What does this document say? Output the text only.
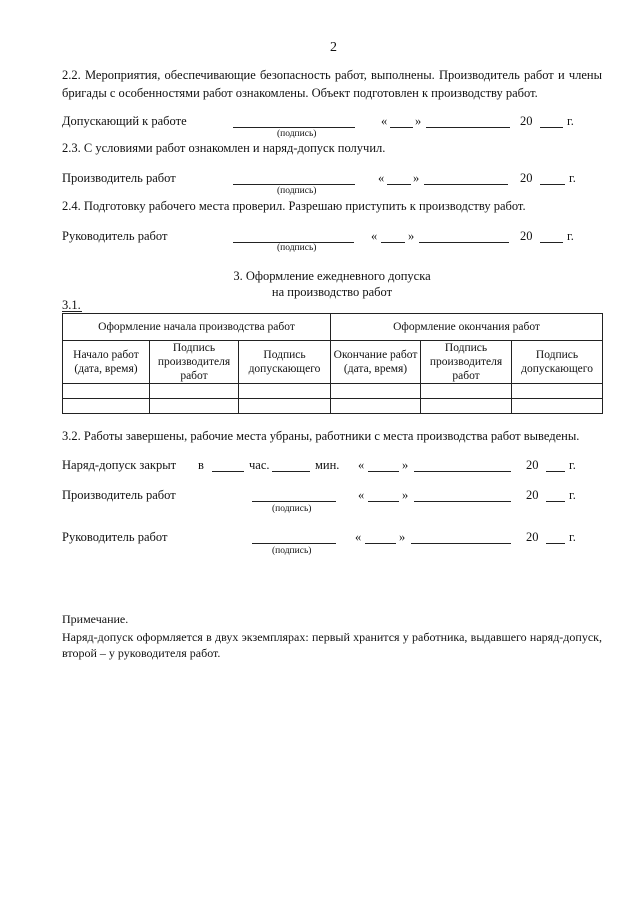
2
2.2. Мероприятия, обеспечивающие безопасность работ, выполнены. Производитель работ и члены бригады с особенностями работ ознакомлены. Объект подготовлен к производству работ.
Допускающий к работе
(подпись)
« »	20	г.
2.3. С условиями работ ознакомлен и наряд-допуск получил.
Производитель работ
(подпись)
« »	20	г.
2.4. Подготовку рабочего места проверил. Разрешаю приступить к производству работ.
Руководитель работ
(подпись)
« »	20	г.
3. Оформление ежедневного допуска
на производство работ
3.1.
Оформление начала производства работ			Оформление окончания работ		
Начало работ (дата, время)	Подпись производителя работ	Подпись допускающего	Окончание работ (дата, время)	Подпись производителя работ	Подпись допускающего

3.2. Работы завершены, рабочие места убраны, работники с места производства работ выведены.
Наряд-допуск закрыт в	час.	мин. «	»	20 г.
Производитель работ
(подпись)
«	»	20 г.
Руководитель работ
(подпись)
«	»	20 г.
Примечание.
Наряд-допуск оформляется в двух экземплярах: первый хранится у работника, выдавшего наряд-допуск, второй – у руководителя работ.
